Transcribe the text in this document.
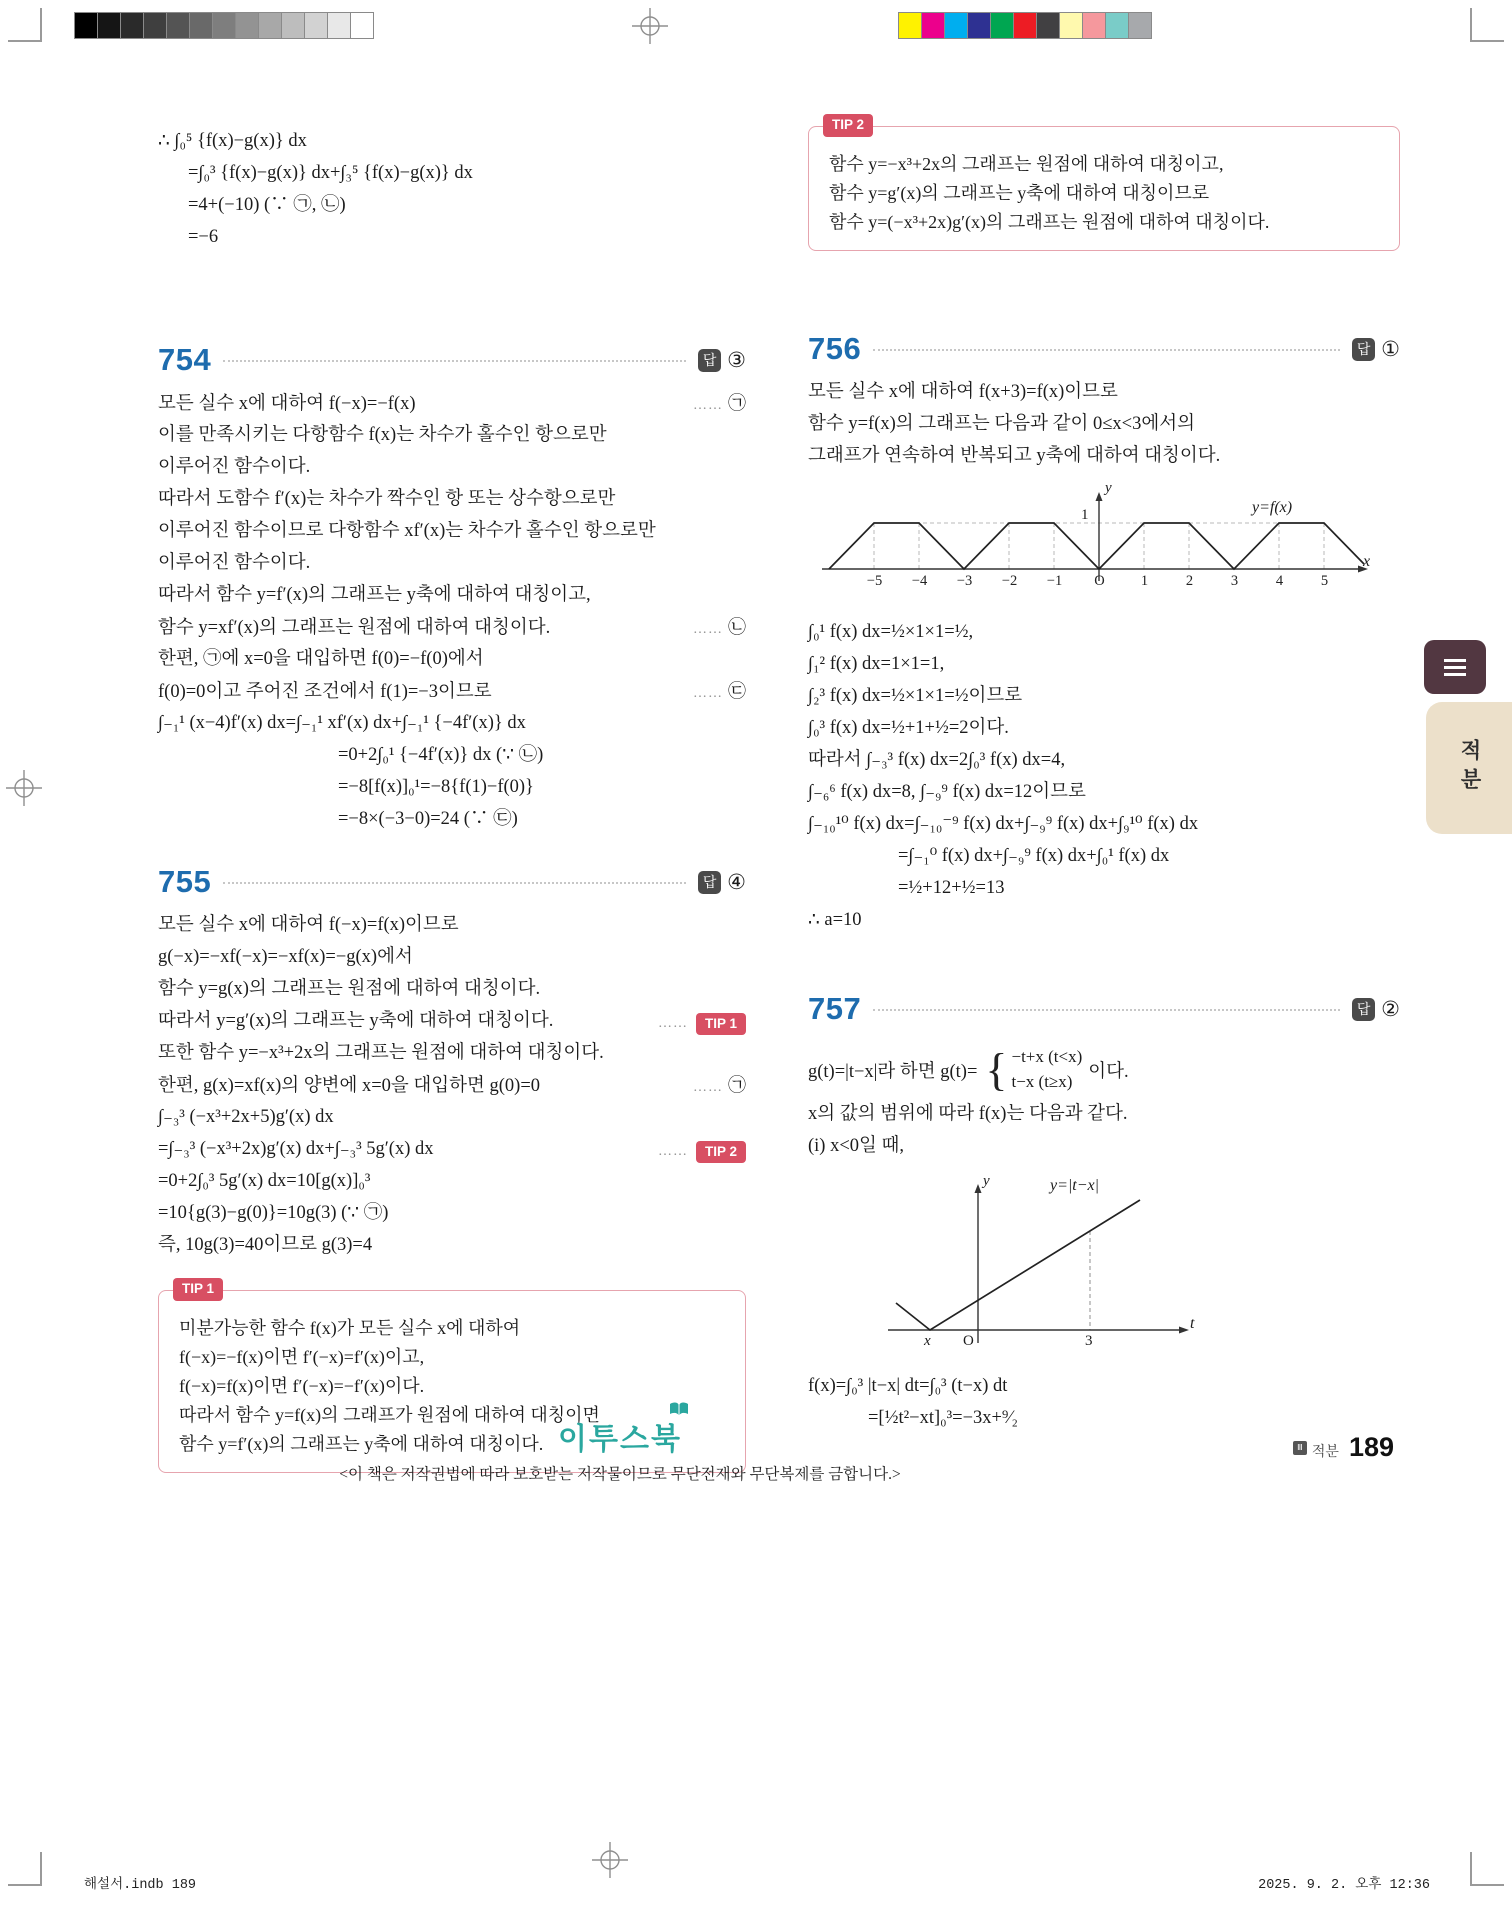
∴ ∫₀⁵ {f(x)−g(x)} dx
=∫₀³ {f(x)−g(x)} dx+∫₃⁵ {f(x)−g(x)} dx
=4+(−10) (∵ ㉠, ㉡)
=−6
754	답 ③
모든 실수 x에 대하여 f(−x)=−f(x)	…… ㉠
이를 만족시키는 다항함수 f(x)는 차수가 홀수인 항으로만
이루어진 함수이다.
따라서 도함수 f′(x)는 차수가 짝수인 항 또는 상수항으로만
이루어진 함수이므로 다항함수 xf′(x)는 차수가 홀수인 항으로만
이루어진 함수이다.
따라서 함수 y=f′(x)의 그래프는 y축에 대하여 대칭이고,
함수 y=xf′(x)의 그래프는 원점에 대하여 대칭이다.	…… ㉡
한편, ㉠에 x=0을 대입하면 f(0)=−f(0)에서
f(0)=0이고 주어진 조건에서 f(1)=−3이므로	…… ㉢
∫₋₁¹ (x−4)f′(x) dx=∫₋₁¹ xf′(x) dx+∫₋₁¹ {−4f′(x)} dx
=0+2∫₀¹ {−4f′(x)} dx (∵ ㉡)
=−8[f(x)]₀¹=−8{f(1)−f(0)}
=−8×(−3−0)=24 (∵ ㉢)
755	답 ④
모든 실수 x에 대하여 f(−x)=f(x)이므로
g(−x)=−xf(−x)=−xf(x)=−g(x)에서
함수 y=g(x)의 그래프는 원점에 대하여 대칭이다.
따라서 y=g′(x)의 그래프는 y축에 대하여 대칭이다.	……	TIP 1
또한 함수 y=−x³+2x의 그래프는 원점에 대하여 대칭이다.
한편, g(x)=xf(x)의 양변에 x=0을 대입하면 g(0)=0	…… ㉠
∫₋₃³ (−x³+2x+5)g′(x) dx
=∫₋₃³ (−x³+2x)g′(x) dx+∫₋₃³ 5g′(x) dx	……	TIP 2
=0+2∫₀³ 5g′(x) dx=10[g(x)]₀³
=10{g(3)−g(0)}=10g(3) (∵ ㉠)
즉, 10g(3)=40이므로 g(3)=4
TIP 1
미분가능한 함수 f(x)가 모든 실수 x에 대하여
f(−x)=−f(x)이면 f′(−x)=f′(x)이고,
f(−x)=f(x)이면 f′(−x)=−f′(x)이다.
따라서 함수 y=f(x)의 그래프가 원점에 대하여 대칭이면
함수 y=f′(x)의 그래프는 y축에 대하여 대칭이다.
TIP 2
함수 y=−x³+2x의 그래프는 원점에 대하여 대칭이고,
함수 y=g′(x)의 그래프는 y축에 대하여 대칭이므로
함수 y=(−x³+2x)g′(x)의 그래프는 원점에 대하여 대칭이다.
756	답 ①
모든 실수 x에 대하여 f(x+3)=f(x)이므로
함수 y=f(x)의 그래프는 다음과 같이 0≤x<3에서의
그래프가 연속하여 반복되고 y축에 대하여 대칭이다.
y
1	y=f(x)
x
−5	−4	−3	−2	−1	O	1	2	3	4	5
∫₀¹ f(x) dx=½×1×1=½,
∫₁² f(x) dx=1×1=1,
∫₂³ f(x) dx=½×1×1=½이므로
∫₀³ f(x) dx=½+1+½=2이다.
따라서 ∫₋₃³ f(x) dx=2∫₀³ f(x) dx=4,
∫₋₆⁶ f(x) dx=8, ∫₋₉⁹ f(x) dx=12이므로
∫₋₁₀¹⁰ f(x) dx=∫₋₁₀⁻⁹ f(x) dx+∫₋₉⁹ f(x) dx+∫₉¹⁰ f(x) dx
=∫₋₁⁰ f(x) dx+∫₋₉⁹ f(x) dx+∫₀¹ f(x) dx
=½+12+½=13
∴ a=10
757	답 ②
g(t)=|t−x|라 하면 g(t)= { −t+x (t<x)
t−x (t≥x) 이다.
x의 값의 범위에 따라 f(x)는 다음과 같다.
(i) x<0일 때,
y	y=|t−x|
x O	3
t
f(x)=∫₀³ |t−x| dt=∫₀³ (t−x) dt
=[½t²−xt]₀³=−3x+⁹⁄₂
적분
이투스북
<이 책은 저작권법에 따라 보호받는 저작물이므로 무단전재와 무단복제를 금합니다.>
Ⅲ 적분 189
해설서.indb 189	2025. 9. 2. 오후 12:36
